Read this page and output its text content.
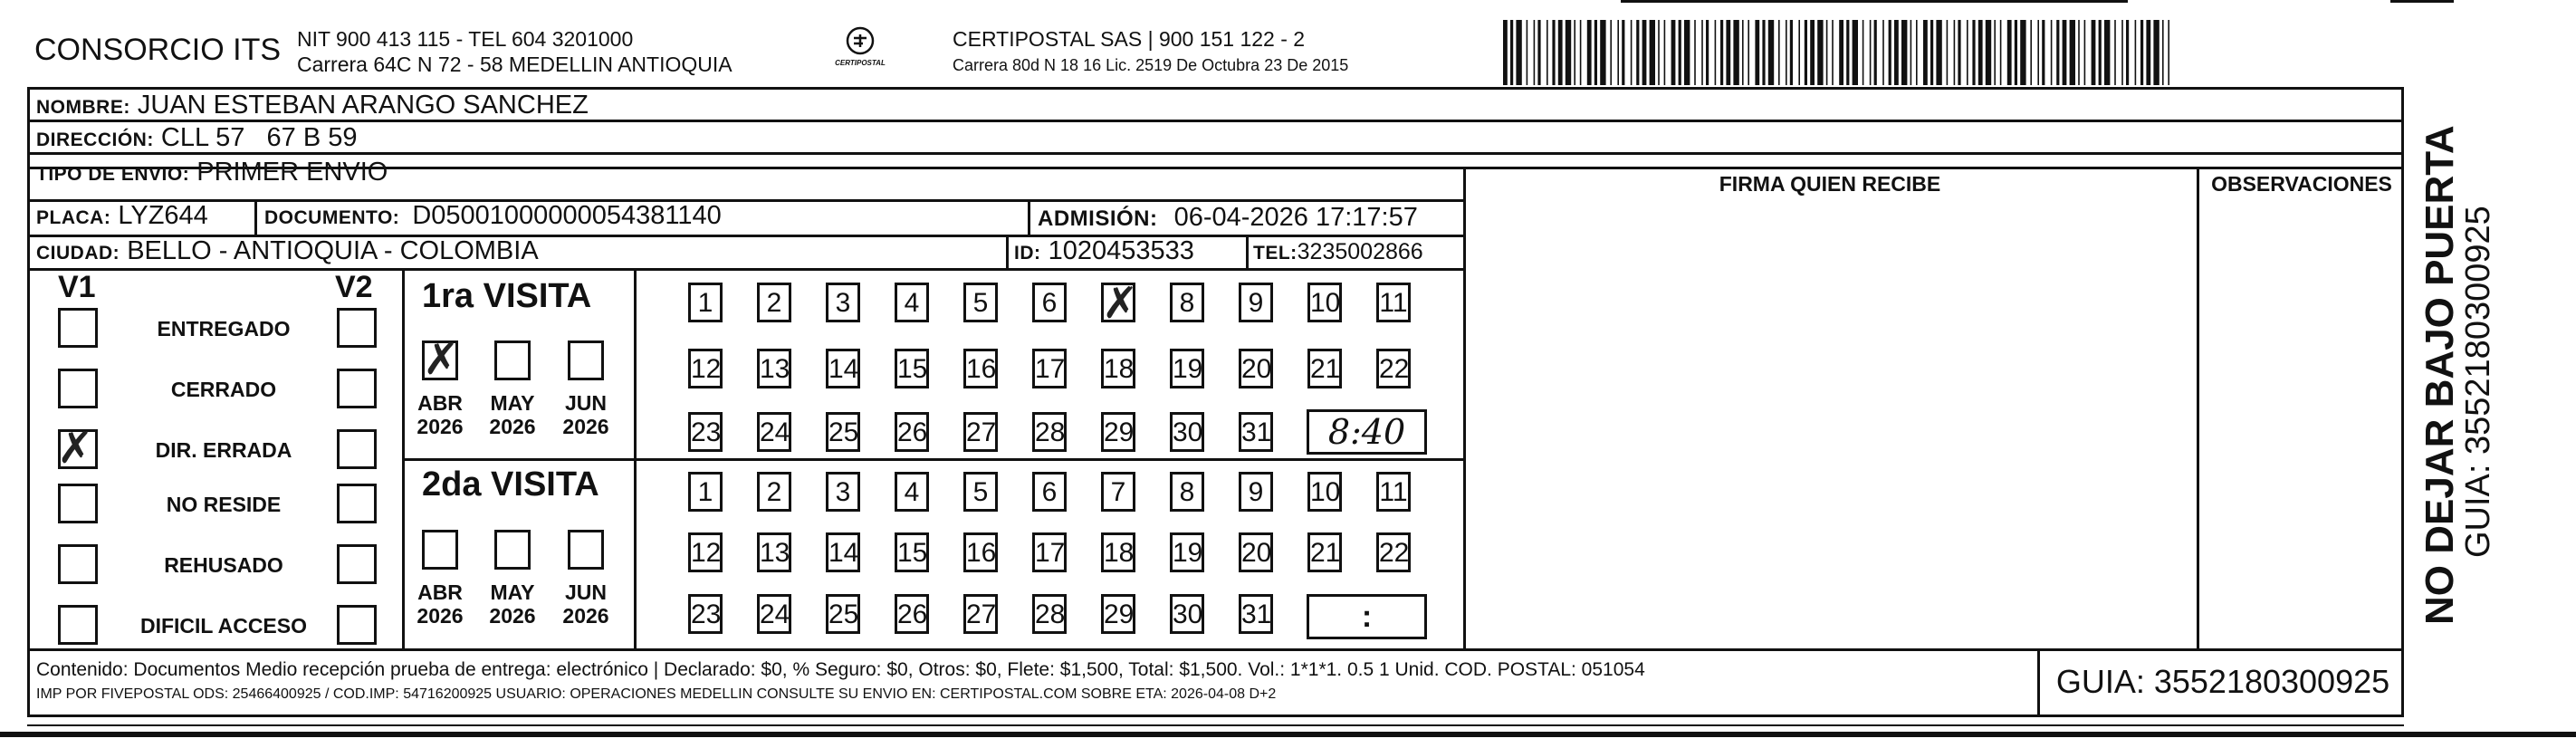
CONSORCIO ITS NIT 900 413 115 - TEL 604 3201000
Carrera 64C N 72 - 58 MEDELLIN ANTIOQUIA	CERTIPOSTAL
CERTIPOSTAL SAS | 900 151 122 - 2
Carrera 80d N 18 16 Lic. 2519 De Octubra 23 De 2015
NOMBRE: JUAN ESTEBAN ARANGO SANCHEZ
DIRECCIÓN: CLL 57   67 B 59
TIPO DE ENVIO: PRIMER ENVIO	FIRMA QUIEN RECIBE	OBSERVACIONES
PLACA: LYZ644	DOCUMENTO: D05001000000054381140	ADMISIÓN: 06-04-2026 17:17:57
CIUDAD: BELLO - ANTIOQUIA - COLOMBIA	ID: 1020453533	TEL:3235002866
V1	V2
ENTREGADO
CERRADO
✗	DIR. ERRADA
NO RESIDE
REHUSADO
DIFICIL ACCESO
1ra VISITA
✗
ABR
2026
MAY
2026
JUN
2026
1	2	3	4	5	6 ✗	8	9	10 11
12 13 14 15 16 17 18 19 20 21 22
23 24 25 26 27 28 29 30 31	8:40
2da VISITA
ABR
2026
MAY
2026
JUN
2026
1	2	3	4	5	6	7	8	9	10 11
12 13 14 15 16 17 18 19 20 21 22
23 24 25 26 27 28 29 30 31	:
Contenido: Documentos Medio recepción prueba de entrega: electrónico | Declarado: $0, % Seguro: $0, Otros: $0, Flete: $1,500, Total: $1,500. Vol.: 1*1*1. 0.5 1 Unid. COD. POSTAL: 051054
IMP POR FIVEPOSTAL ODS: 25466400925 / COD.IMP: 54716200925 USUARIO: OPERACIONES MEDELLIN CONSULTE SU ENVIO EN: CERTIPOSTAL.COM SOBRE ETA: 2026-04-08 D+2	GUIA: 3552180300925
NO DEJAR BAJO PUERTA
GUIA: 3552180300925
